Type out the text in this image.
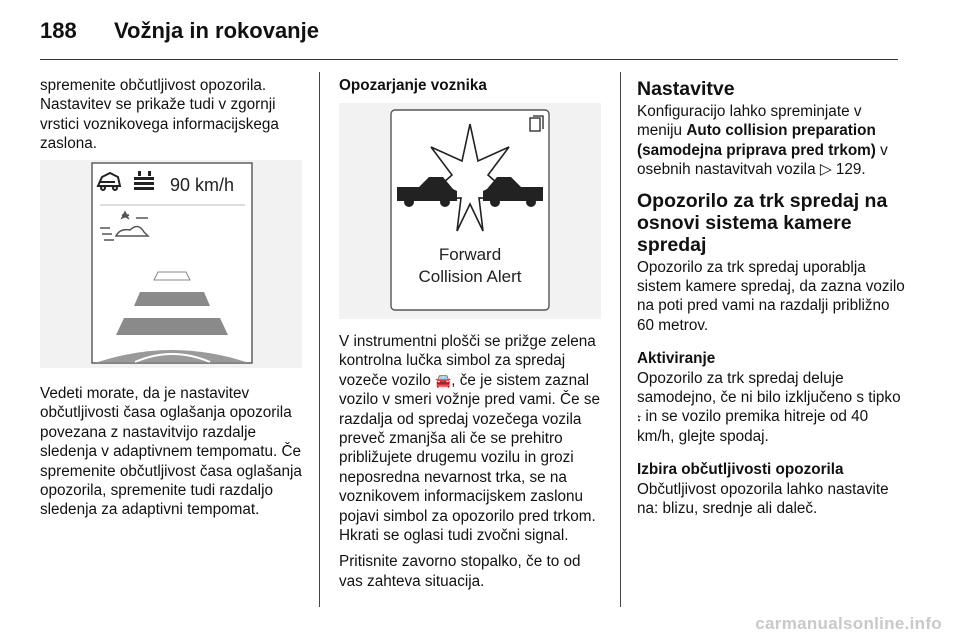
188 Vožnja in rokovanje

spremenite občutljivost opozorila. Nastavitev se prikaže tudi v zgornji vrstici voznikovega informacijskega zaslona.

90 km/h

Vedeti morate, da je nastavitev občutljivosti časa oglašanja opozorila povezana z nastavitvijo razdalje sledenja v adaptivnem tempomatu. Če spremenite občutljivost časa oglašanja opozorila, spremenite tudi razdaljo sledenja za adaptivni tempomat.

Opozarjanje voznika
Forward
Collision Alert

V instrumentni plošči se prižge zelena kontrolna lučka simbol za spredaj vozeče vozilo 🚘, če je sistem zaznal vozilo v smeri vožnje pred vami. Če se razdalja od spredaj vozečega vozila preveč zmanjša ali če se prehitro približujete drugemu vozilu in grozi neposredna nevarnost trka, se na voznikovem informacijskem zaslonu pojavi simbol za opozorilo pred trkom. Hkrati se oglasi tudi zvočni signal.

Pritisnite zavorno stopalko, če to od vas zahteva situacija.

Nastavitve

Konfiguracijo lahko spreminjate v meniju Auto collision preparation (samodejna priprava pred trkom) v osebnih nastavitvah vozila ▷ 129.

Opozorilo za trk spredaj na osnovi sistema kamere spredaj

Opozorilo za trk spredaj uporablja sistem kamere spredaj, da zazna vozilo na poti pred vami na razdalji približno 60 metrov.

Aktiviranje

Opozorilo za trk spredaj deluje samodejno, če ni bilo izključeno s tipko ⹎ in se vozilo premika hitreje od 40 km/h, glejte spodaj.

Izbira občutljivosti opozorila

Občutljivost opozorila lahko nastavite na: blizu, srednje ali daleč.

carmanualsonline.info
